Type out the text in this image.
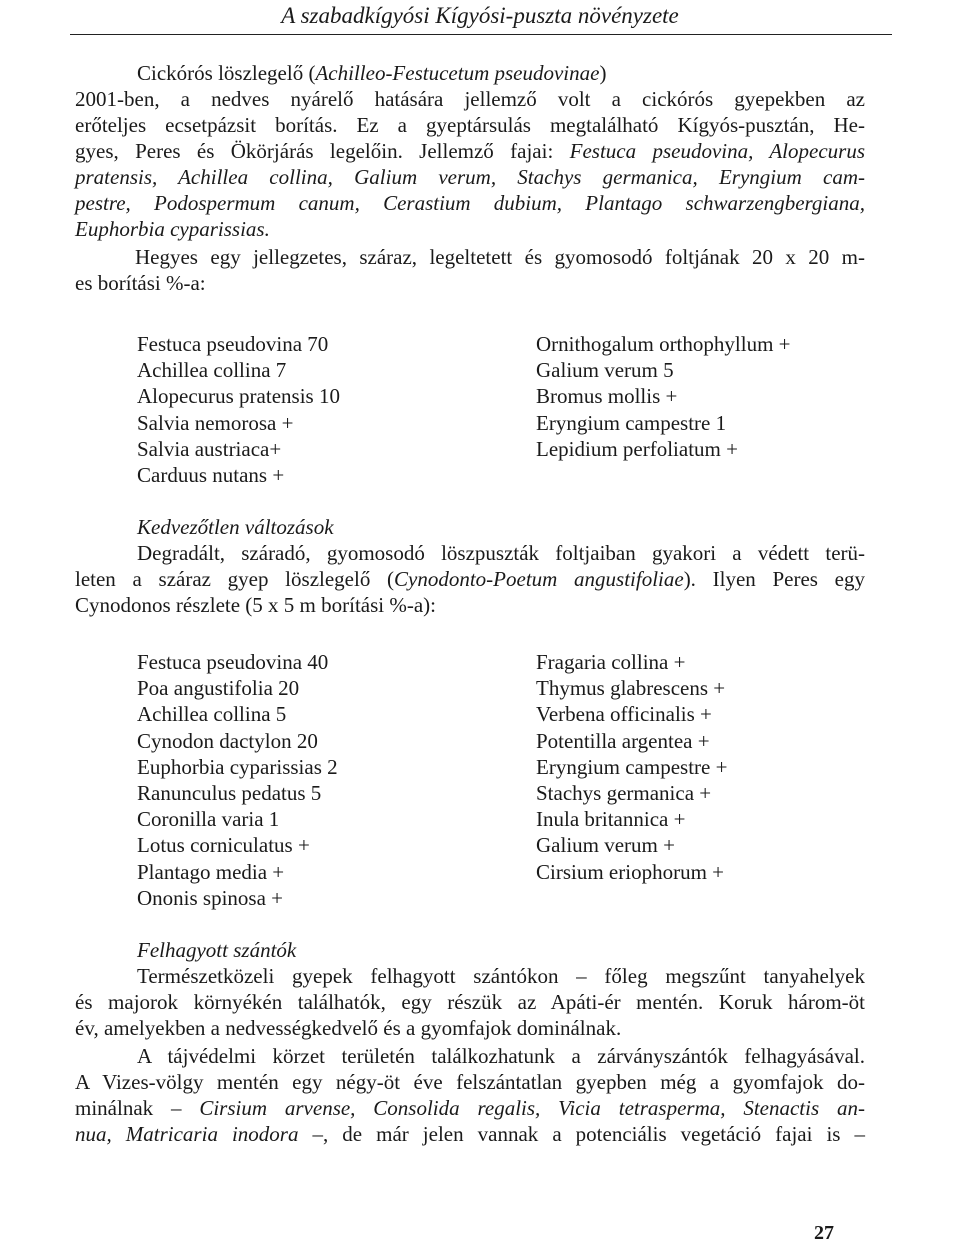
A szabadkígyósi Kígyósi-puszta növényzete
Cickórós löszlegelő (Achilleo-Festucetum pseudovinae)
2001-ben, a nedves nyárelő hatására jellemző volt a cickórós gyepekben az
erőteljes ecsetpázsit borítás. Ez a gyeptársulás megtalálható Kígyós-pusztán, He-
gyes, Peres és Ökörjárás legelőin. Jellemző fajai: Festuca pseudovina, Alopecurus
pratensis, Achillea collina, Galium verum, Stachys germanica, Eryngium cam-
pestre, Podospermum canum, Cerastium dubium, Plantago schwarzengbergiana,
Euphorbia cyparissias.
Hegyes egy jellegzetes, száraz, legeltetett és gyomosodó foltjának 20 x 20 m-
es borítási %-a:
Festuca pseudovina 70
Achillea collina 7
Alopecurus pratensis 10
Salvia nemorosa +
Salvia austriaca+
Carduus nutans +
Ornithogalum orthophyllum +
Galium verum 5
Bromus mollis +
Eryngium campestre 1
Lepidium perfoliatum +
Kedvezőtlen változások
Degradált, száradó, gyomosodó löszpuszták foltjaiban gyakori a védett terü-
leten a száraz gyep löszlegelő (Cynodonto-Poetum angustifoliae). Ilyen Peres egy
Cynodonos részlete (5 x 5 m borítási %-a):
Festuca pseudovina 40
Poa angustifolia 20
Achillea collina 5
Cynodon dactylon 20
Euphorbia cyparissias 2
Ranunculus pedatus 5
Coronilla varia 1
Lotus corniculatus +
Plantago media +
Ononis spinosa +
Fragaria collina +
Thymus glabrescens +
Verbena officinalis +
Potentilla argentea +
Eryngium campestre +
Stachys germanica +
Inula britannica +
Galium verum +
Cirsium eriophorum +
Felhagyott szántók
Természetközeli gyepek felhagyott szántókon – főleg megszűnt tanyahelyek
és majorok környékén találhatók, egy részük az Apáti-ér mentén. Koruk három-öt
év, amelyekben a nedvességkedvelő és a gyomfajok dominálnak.
A tájvédelmi körzet területén találkozhatunk a zárványszántók felhagyásával.
A Vizes-völgy mentén egy négy-öt éve felszántatlan gyepben még a gyomfajok do-
minálnak – Cirsium arvense, Consolida regalis, Vicia tetrasperma, Stenactis an-
nua, Matricaria inodora –, de már jelen vannak a potenciális vegetáció fajai is –
27
